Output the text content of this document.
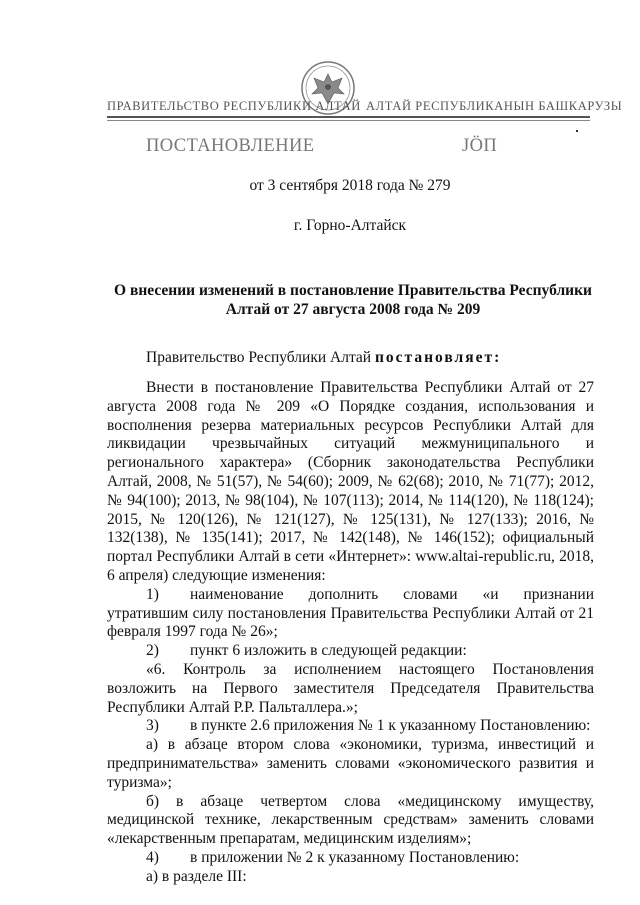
ПРАВИТЕЛЬСТВО РЕСПУБЛИКИ АЛТАЙ АЛТАЙ РЕСПУБЛИКАНЫН БАШКАРУЗЫ
ПОСТАНОВЛЕНИЕ	ЈӦП
от 3 сентября 2018 года № 279
г. Горно-Алтайск
О внесении изменений в постановление Правительства Республики
Алтай от 27 августа 2008 года № 209
Правительство Республики Алтай постановляет:

Внести в постановление Правительства Республики Алтай от 27 августа 2008 года № 209 «О Порядке создания, использования и восполнения резерва материальных ресурсов Республики Алтай для ликвидации чрезвычайных ситуаций межмуниципального и регионального характера» (Сборник законодательства Республики Алтай, 2008, № 51(57), № 54(60); 2009, № 62(68); 2010, № 71(77); 2012, № 94(100); 2013, № 98(104), № 107(113); 2014, № 114(120), № 118(124); 2015, № 120(126), № 121(127), № 125(131), № 127(133); 2016, № 132(138), № 135(141); 2017, № 142(148), № 146(152); официальный портал Республики Алтай в сети «Интернет»: www.altai-republic.ru, 2018, 6 апреля) следующие изменения:

1) наименование дополнить словами «и признании утратившим силу постановления Правительства Республики Алтай от 21 февраля 1997 года № 26»;

2) пункт 6 изложить в следующей редакции:

«6. Контроль за исполнением настоящего Постановления возложить на Первого заместителя Председателя Правительства Республики Алтай Р.Р. Пальталлера.»;

3) в пункте 2.6 приложения № 1 к указанному Постановлению:

а) в абзаце втором слова «экономики, туризма, инвестиций и предпринимательства» заменить словами «экономического развития и туризма»;

б) в абзаце четвертом слова «медицинскому имуществу, медицинской технике, лекарственным средствам» заменить словами «лекарственным препаратам, медицинским изделиям»;

4) в приложении № 2 к указанному Постановлению:

а) в разделе III:
